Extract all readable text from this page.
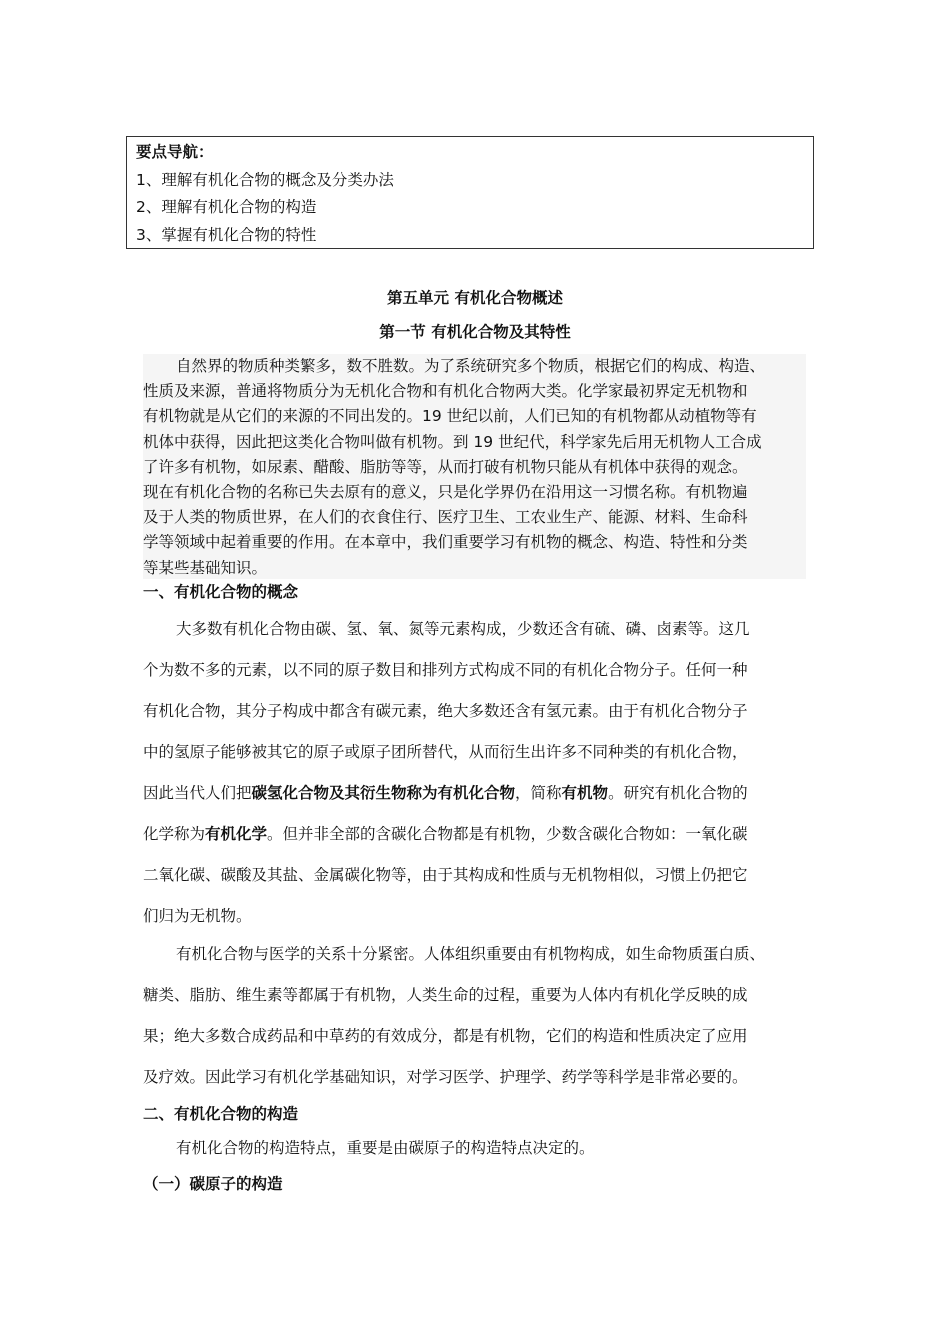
要点导航：
1、理解有机化合物的概念及分类办法
2、理解有机化合物的构造
3、掌握有机化合物的特性
第五单元 有机化合物概述
第一节 有机化合物及其特性
自然界的物质种类繁多，数不胜数。为了系统研究多个物质，根据它们的构成、构造、
性质及来源，普通将物质分为无机化合物和有机化合物两大类。化学家最初界定无机物和
有机物就是从它们的来源的不同出发的。19 世纪以前，人们已知的有机物都从动植物等有
机体中获得，因此把这类化合物叫做有机物。到 19 世纪代，科学家先后用无机物人工合成
了许多有机物，如尿素、醋酸、脂肪等等，从而打破有机物只能从有机体中获得的观念。
现在有机化合物的名称已失去原有的意义，只是化学界仍在沿用这一习惯名称。有机物遍
及于人类的物质世界，在人们的衣食住行、医疗卫生、工农业生产、能源、材料、生命科
学等领域中起着重要的作用。在本章中，我们重要学习有机物的概念、构造、特性和分类
等某些基础知识。
一、有机化合物的概念
大多数有机化合物由碳、氢、氧、氮等元素构成，少数还含有硫、磷、卤素等。这几
个为数不多的元素，以不同的原子数目和排列方式构成不同的有机化合物分子。任何一种
有机化合物，其分子构成中都含有碳元素，绝大多数还含有氢元素。由于有机化合物分子
中的氢原子能够被其它的原子或原子团所替代，从而衍生出许多不同种类的有机化合物，
因此当代人们把碳氢化合物及其衍生物称为有机化合物，简称有机物。研究有机化合物的
化学称为有机化学。但并非全部的含碳化合物都是有机物，少数含碳化合物如：一氧化碳
二氧化碳、碳酸及其盐、金属碳化物等，由于其构成和性质与无机物相似，习惯上仍把它
们归为无机物。
有机化合物与医学的关系十分紧密。人体组织重要由有机物构成，如生命物质蛋白质、
糖类、脂肪、维生素等都属于有机物，人类生命的过程，重要为人体内有机化学反映的成
果；绝大多数合成药品和中草药的有效成分，都是有机物，它们的构造和性质决定了应用
及疗效。因此学习有机化学基础知识，对学习医学、护理学、药学等科学是非常必要的。
二、有机化合物的构造
有机化合物的构造特点，重要是由碳原子的构造特点决定的。
（一）碳原子的构造
